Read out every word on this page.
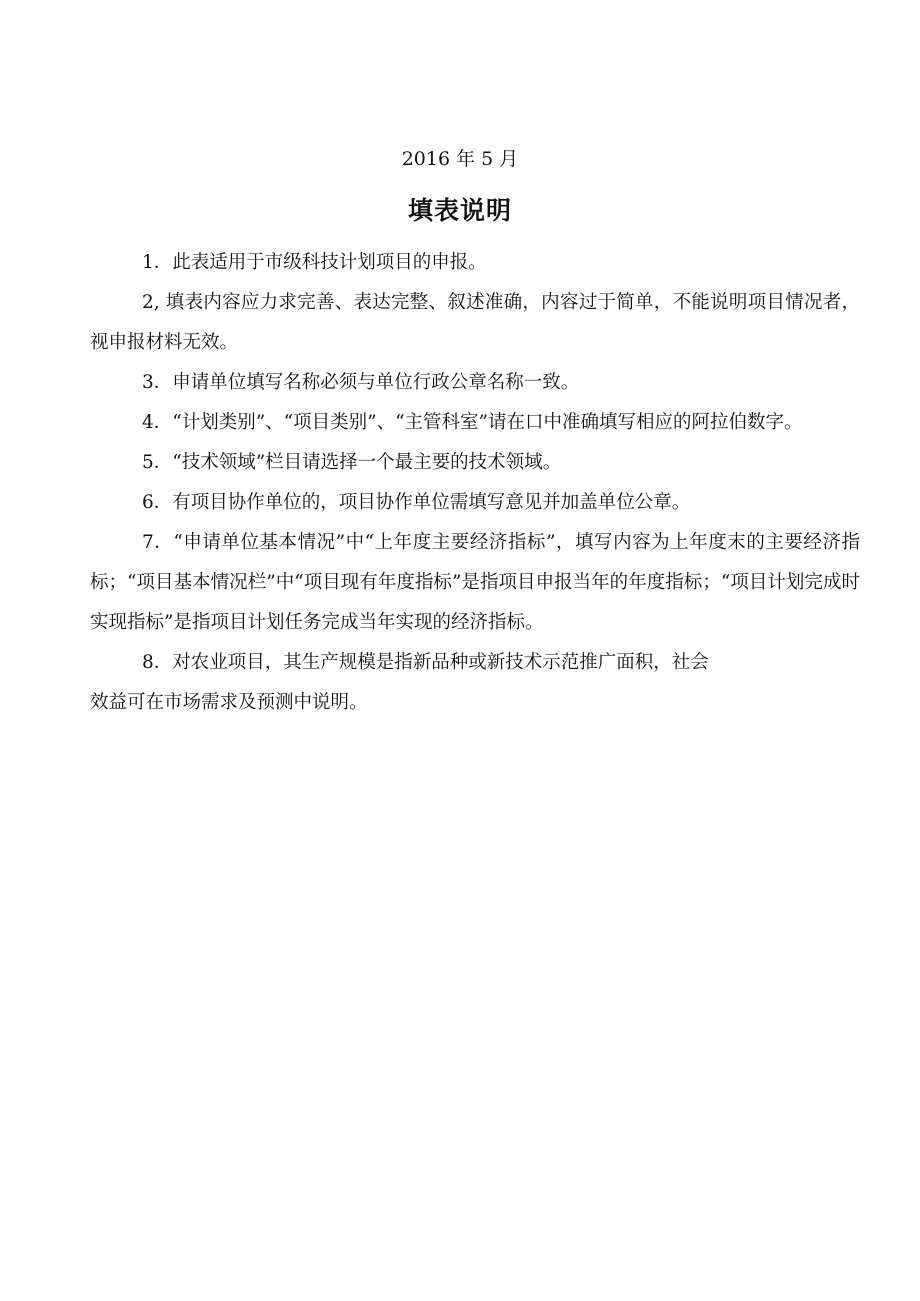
2016 年 5 月
填表说明

1．此表适用于市级科技计划项目的申报。

2, 填表内容应力求完善、表达完整、叙述准确，内容过于简单，不能说明项目情况者，视申报材料无效。

3．申请单位填写名称必须与单位行政公章名称一致。

4．“计划类别”、“项目类别”、“主管科室”请在口中准确填写相应的阿拉伯数字。

5．“技术领域”栏目请选择一个最主要的技术领域。

6．有项目协作单位的，项目协作单位需填写意见并加盖单位公章。

7．“申请单位基本情况”中“上年度主要经济指标”，填写内容为上年度末的主要经济指标；“项目基本情况栏”中“项目现有年度指标”是指项目申报当年的年度指标；“项目计划完成时实现指标”是指项目计划任务完成当年实现的经济指标。

8．对农业项目，其生产规模是指新品种或新技术示范推广面积，社会

效益可在市场需求及预测中说明。
